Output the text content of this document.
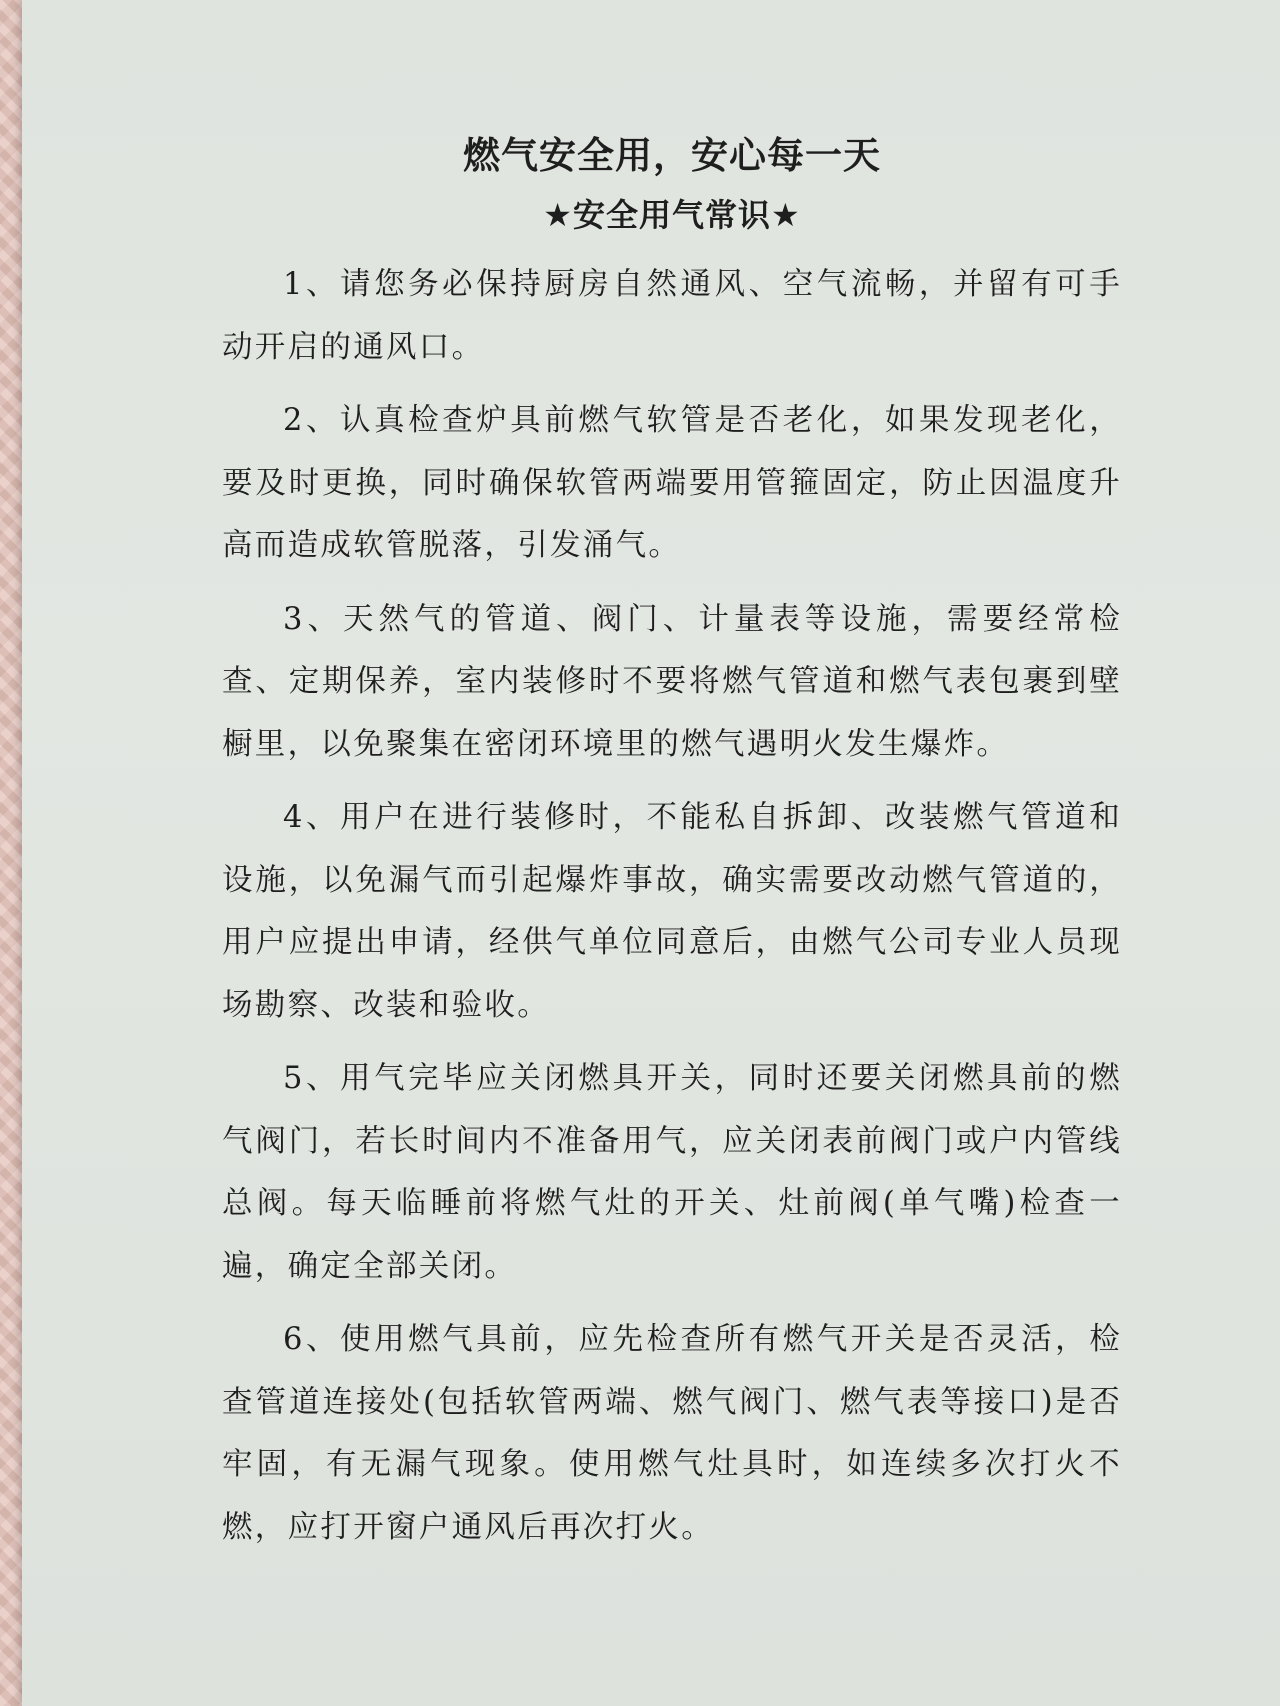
燃气安全用，安心每一天
★安全用气常识★

1、请您务必保持厨房自然通风、空气流畅，并留有可手动开启的通风口。

2、认真检查炉具前燃气软管是否老化，如果发现老化，要及时更换，同时确保软管两端要用管箍固定，防止因温度升高而造成软管脱落，引发涌气。

3、天然气的管道、阀门、计量表等设施，需要经常检查、定期保养，室内装修时不要将燃气管道和燃气表包裹到壁橱里，以免聚集在密闭环境里的燃气遇明火发生爆炸。

4、用户在进行装修时，不能私自拆卸、改装燃气管道和设施，以免漏气而引起爆炸事故，确实需要改动燃气管道的，用户应提出申请，经供气单位同意后，由燃气公司专业人员现场勘察、改装和验收。

5、用气完毕应关闭燃具开关，同时还要关闭燃具前的燃气阀门，若长时间内不准备用气，应关闭表前阀门或户内管线总阀。每天临睡前将燃气灶的开关、灶前阀(单气嘴)检查一遍，确定全部关闭。

6、使用燃气具前，应先检查所有燃气开关是否灵活，检查管道连接处(包括软管两端、燃气阀门、燃气表等接口)是否牢固，有无漏气现象。使用燃气灶具时，如连续多次打火不燃，应打开窗户通风后再次打火。
